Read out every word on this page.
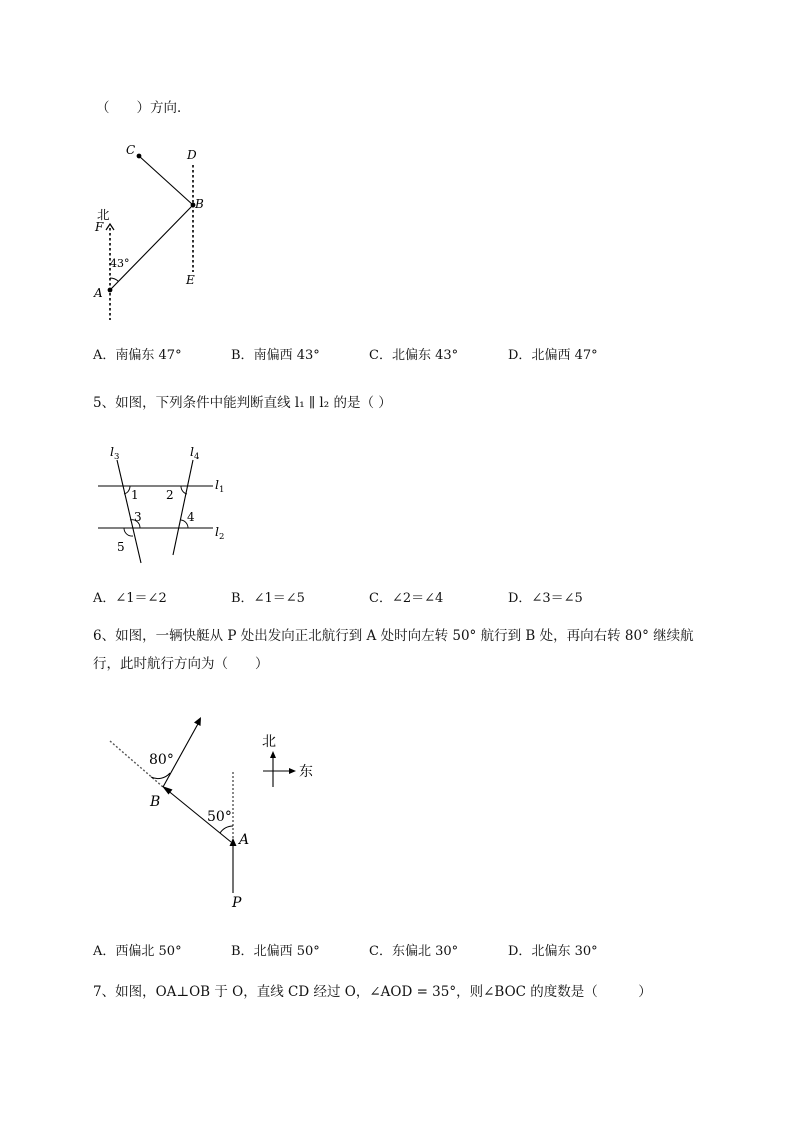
（　　）方向．
C	D
B
北
F
43°
A
E
A．南偏东 47°	B．南偏西 43°	C．北偏东 43°	D．北偏西 47°
5、如图，下列条件中能判断直线 l₁ ∥ l₂ 的是（ ）
l 3	l 4
l 1
l 2
1 2
3	4
5
A．∠1＝∠2	B．∠1＝∠5	C．∠2＝∠4	D．∠3＝∠5
6、如图，一辆快艇从 P 处出发向正北航行到 A 处时向左转 50° 航行到 B 处，再向右转 80° 继续航
行，此时航行方向为（　　）
80°
B
50°
A
P
北
东
A．西偏北 50°	B．北偏西 50°	C．东偏北 30°	D．北偏东 30°
7、如图，OA⊥OB 于 O，直线 CD 经过 O，∠AOD = 35°，则∠BOC 的度数是（　　　）
